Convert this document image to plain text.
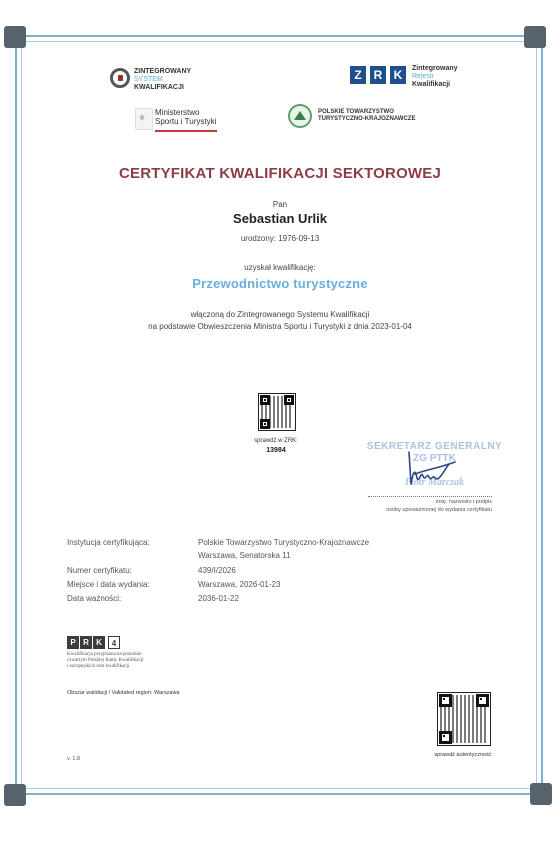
ZINTEGROWANY
SYSTEM
KWALIFIKACJI
Z R K	Zintegrowany
Rejestr
Kwalifikacji
♦
Ministerstwo
Sportu i Turystyki
POLSKIE TOWARZYSTWO
TURYSTYCZNO-KRAJOZNAWCZE
CERTYFIKAT KWALIFIKACJI SEKTOROWEJ
Pan
Sebastian Urlik
urodzony: 1976-09-13
uzyskał kwalifikację:
Przewodnictwo turystyczne
włączoną do Zintegrowanego Systemu Kwalifikacji
na podstawie Obwieszczenia Ministra Sportu i Turystyki z dnia 2023-01-04
sprawdź w ZRK:
13984	SEKRETARZ GENERALNY
ZG PTTK
Piotr Marczak
imię, nazwisko i podpis
osoby upoważnionej do wydania certyfikatu
Instytucja certyfikująca:	Polskie Towarzystwo Turystyczno-Krajoznawcze
Warszawa, Senatorska 11
Numer certyfikatu:	439/I/2026
Miejsce i data wydania:	Warszawa, 2026-01-23
Data ważności:	2036-01-22
P R K	4
Kwalifikacja przypisana na poziomie
czwartym Polskiej Ramy Kwalifikacji
i europejskich ram kwalifikacji
Obszar walidacji / Validated region: Warszawa
sprawdź autentyczność
v. 1.8
